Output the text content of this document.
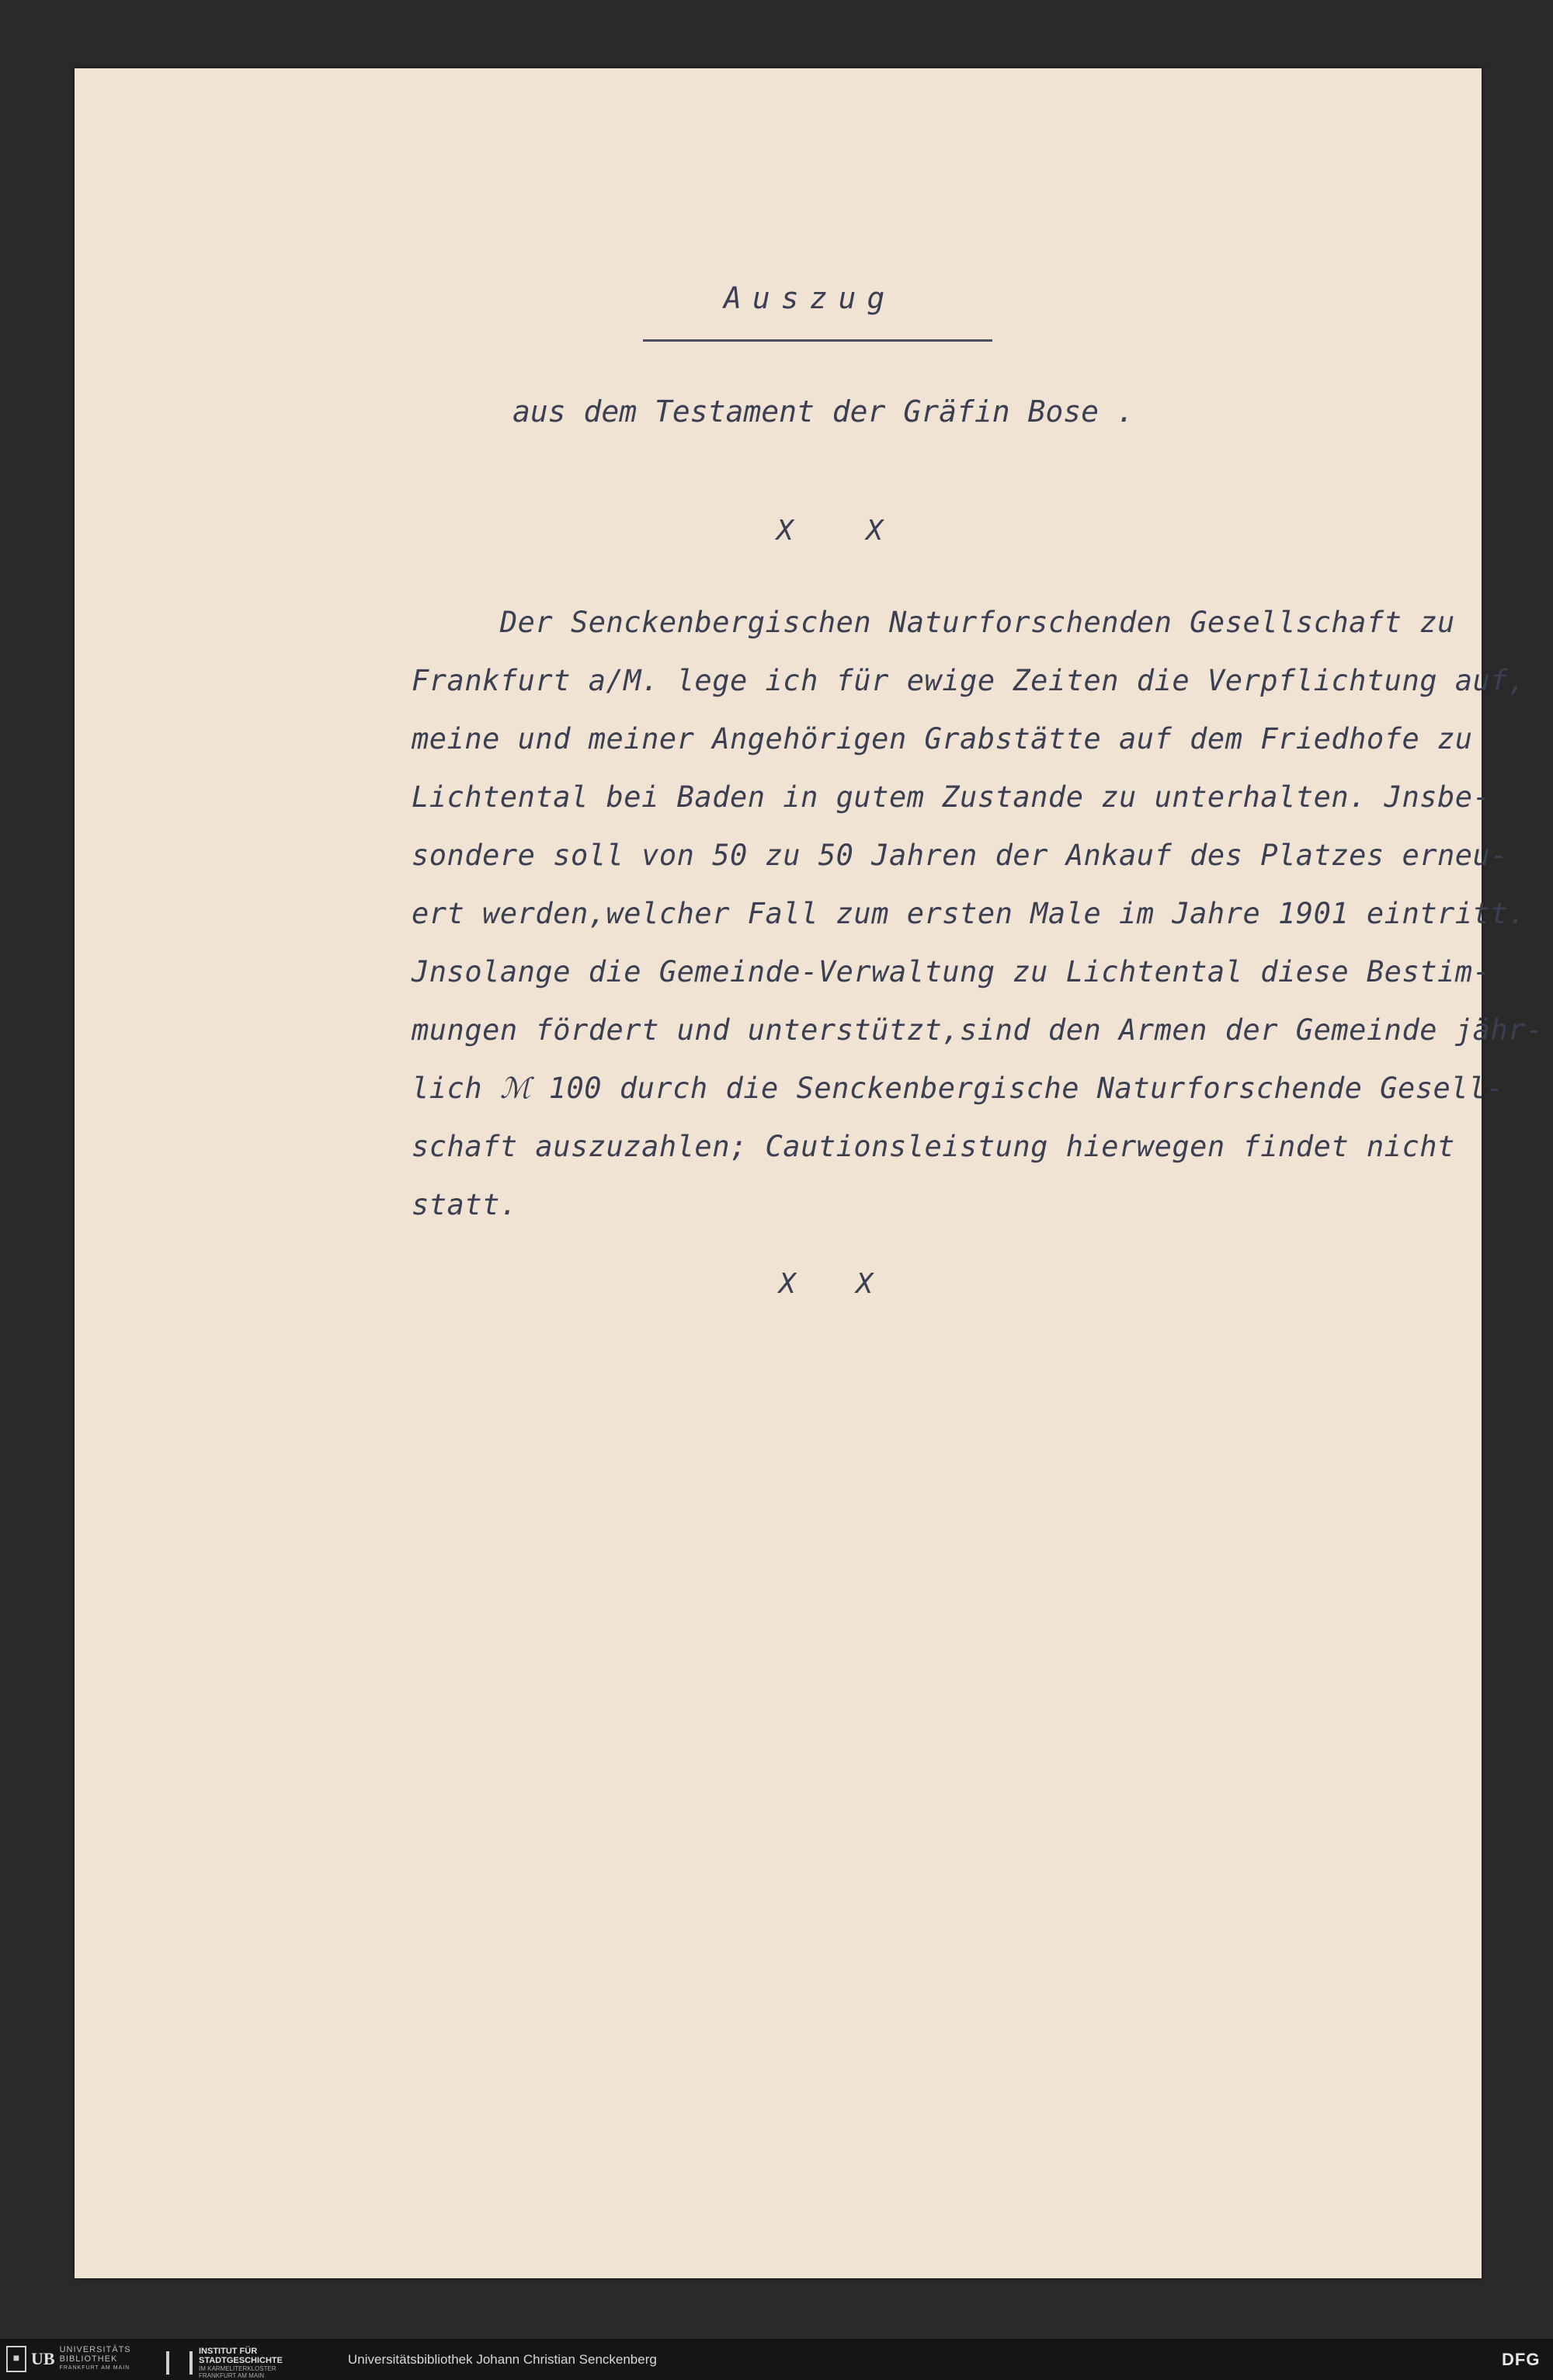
Auszug
aus dem Testament der Gräfin Bose .
X X
Der Senckenbergischen Naturforschenden Gesellschaft zu
Frankfurt a/M. lege ich für ewige Zeiten die Verpflichtung auf,
meine und meiner Angehörigen Grabstätte auf dem Friedhofe zu
Lichtental bei Baden in gutem Zustande zu unterhalten. Jnsbe-
sondere soll von 50 zu 50 Jahren der Ankauf des Platzes erneu-
ert werden,welcher Fall zum ersten Male im Jahre 1901 eintritt.
Jnsolange die Gemeinde-Verwaltung zu Lichtental diese Bestim-
mungen fördert und unterstützt,sind den Armen der Gemeinde jähr-
lich ℳ 100 durch die Senckenbergische Naturforschende Gesell-
schaft auszuzahlen; Cautionsleistung hierwegen findet nicht
statt.
X X
■ UB UNIVERSITÄTS
BIBLIOTHEK
FRANKFURT AM MAIN
INSTITUT FÜR
STADTGESCHICHTE
IM KARMELITERKLOSTER
FRANKFURT AM MAIN
Universitätsbibliothek Johann Christian Senckenberg	DFG
